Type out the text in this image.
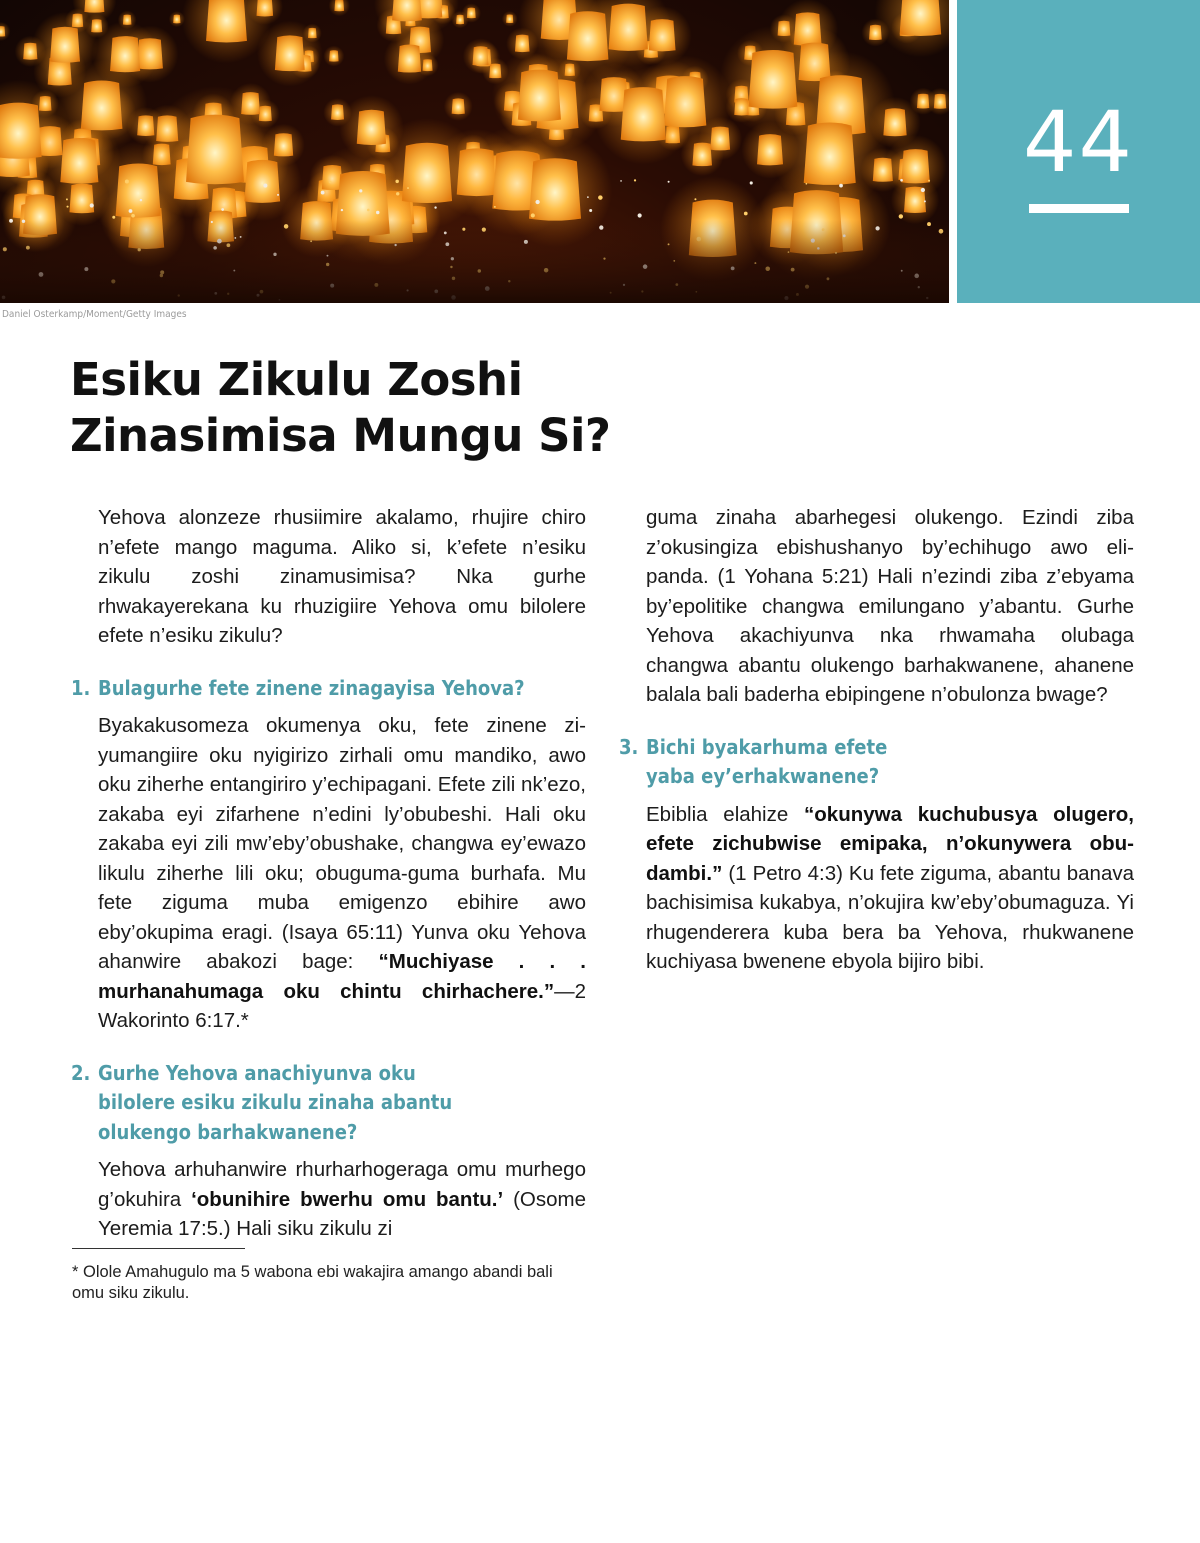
44
Daniel Osterkamp/Moment/Getty Images
Esiku Zikulu Zoshi
Zinasimisa Mungu Si?

Yehova alonzeze rhusiimire akalamo, rhujire chiro n’efete mango maguma. Aliko si, k’efete n’esiku zikulu zoshi zinamusimisa? Nka gurhe rhwakayerekana ku rhuzigiire Yehova omu bilolere efete n’esiku zikulu?

1. Bulagurhe fete zinene zinagayisa Yehova?

Byakakusomeza okumenya oku, fete zinene ziyumangiire oku nyigirizo zirhali omu mandiko, awo oku ziherhe entangiriro y’echipagani. Efete zili nk’ezo, zakaba eyi zifarhene n’edini ly’obubeshi. Hali oku zakaba eyi zili mw’eby’obushake, changwa ey’ewazo likulu ziherhe lili oku; obuguma-guma burhafa. Mu fete ziguma muba emigenzo ebihire awo eby’okupima eragi. (Isaya 65:11) Yunva oku Yehova ahanwire abakozi bage: “Muchiyase . . . murhanahumaga oku chintu chirhachere.”—2 Wakorinto 6:17.*

2. Gurhe Yehova anachiyunva oku
bilolere esiku zikulu zinaha abantu
olukengo barhakwanene?

Yehova arhuhanwire rhurharhogeraga omu murhego g’okuhira ‘obunihire bwerhu omu bantu.’ (Osome Yeremia 17:5.) Hali siku zikulu zi

guma zinaha abarhegesi olukengo. Ezindi ziba z’okusingiza ebishushanyo by’echihugo awo elipanda. (1 Yohana 5:21) Hali n’ezindi ziba z’ebyama by’epolitike changwa emilungano y’abantu. Gurhe Yehova akachiyunva nka rhwamaha olubaga changwa abantu olukengo barhakwanene, ahanene balala bali baderha ebipingene n’obulonza bwage?

3. Bichi byakarhuma efete
yaba ey’erhakwanene?

Ebiblia elahize “okunywa kuchubusya olugero, efete zichubwise emipaka, n’okunywera obudambi.” (1 Petro 4:3) Ku fete ziguma, abantu banava bachisimisa kukabya, n’okujira kw’eby’obumaguza. Yi rhugenderera kuba bera ba Yehova, rhukwanene kuchiyasa bwenene ebyola bijiro bibi.

* Olole Amahugulo ma 5 wabona ebi wakajira amango abandi bali omu siku zikulu.
